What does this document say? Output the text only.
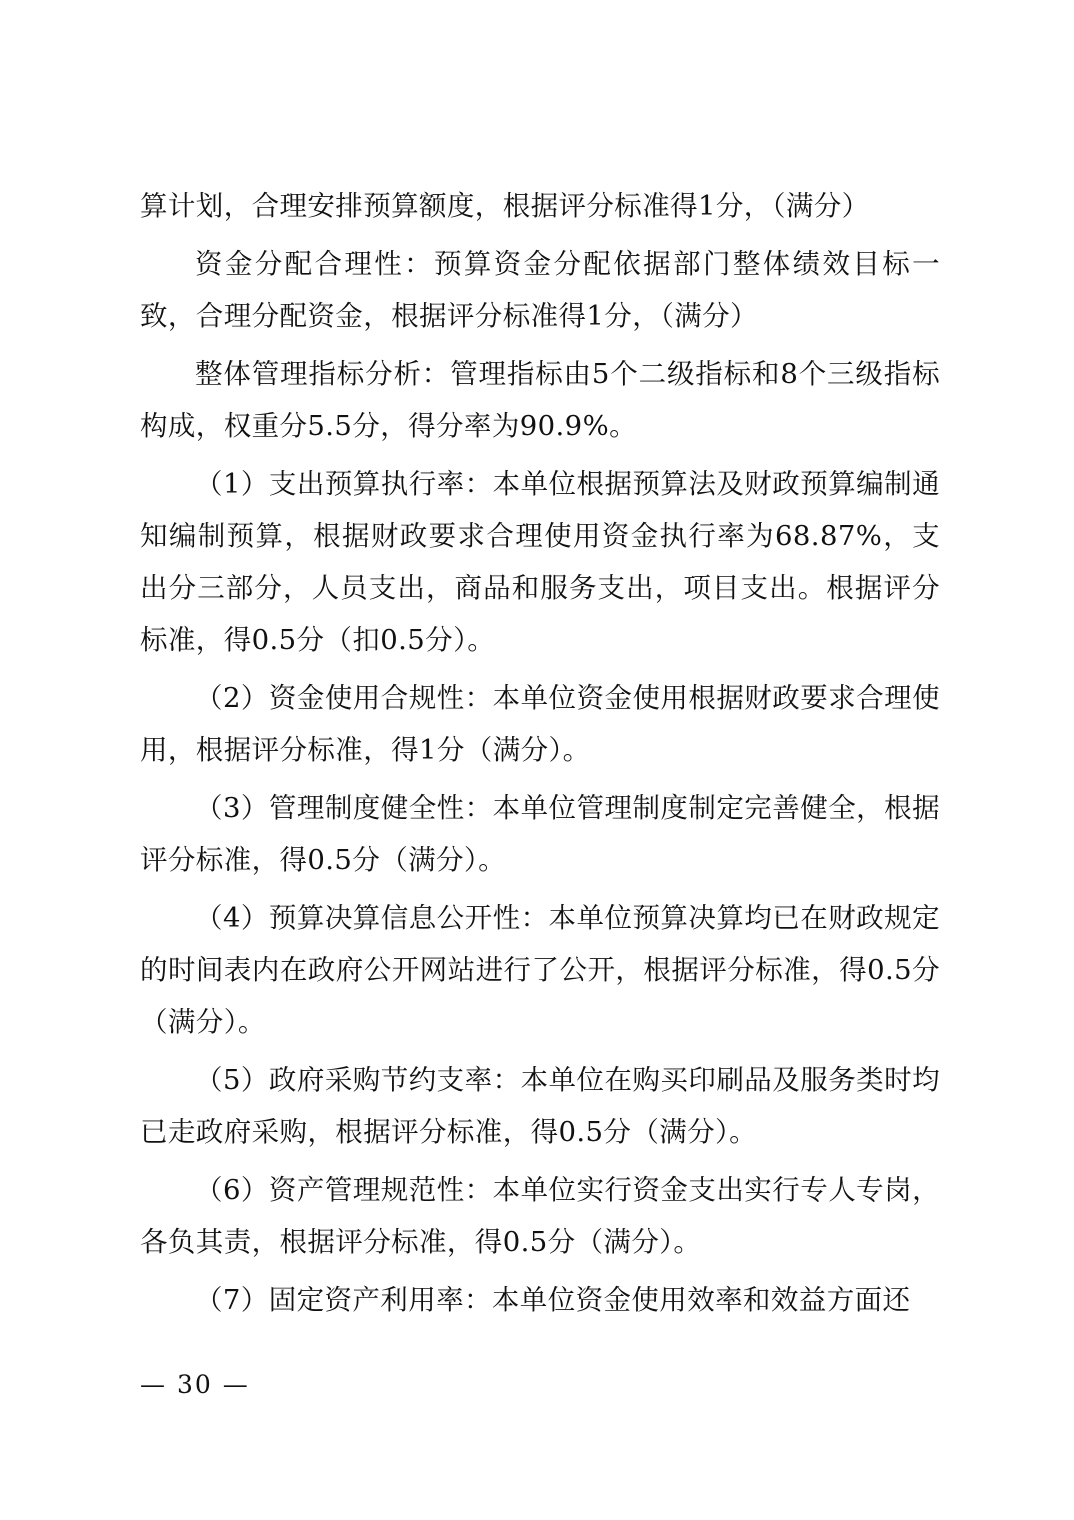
算计划，合理安排预算额度，根据评分标准得1分，（满分）

资金分配合理性：预算资金分配依据部门整体绩效目标一致，合理分配资金，根据评分标准得1分，（满分）

整体管理指标分析：管理指标由5个二级指标和8个三级指标构成，权重分5.5分，得分率为90.9%。

（1）支出预算执行率：本单位根据预算法及财政预算编制通知编制预算，根据财政要求合理使用资金执行率为68.87%，支出分三部分，人员支出，商品和服务支出，项目支出。根据评分标准，得0.5分（扣0.5分）。

（2）资金使用合规性：本单位资金使用根据财政要求合理使用，根据评分标准，得1分（满分）。

（3）管理制度健全性：本单位管理制度制定完善健全，根据评分标准，得0.5分（满分）。

（4）预算决算信息公开性：本单位预算决算均已在财政规定的时间表内在政府公开网站进行了公开，根据评分标准，得0.5分（满分）。

（5）政府采购节约支率：本单位在购买印刷品及服务类时均已走政府采购，根据评分标准，得0.5分（满分）。

（6）资产管理规范性：本单位实行资金支出实行专人专岗，各负其责，根据评分标准，得0.5分（满分）。

（7）固定资产利用率：本单位资金使用效率和效益方面还

— 30 —
